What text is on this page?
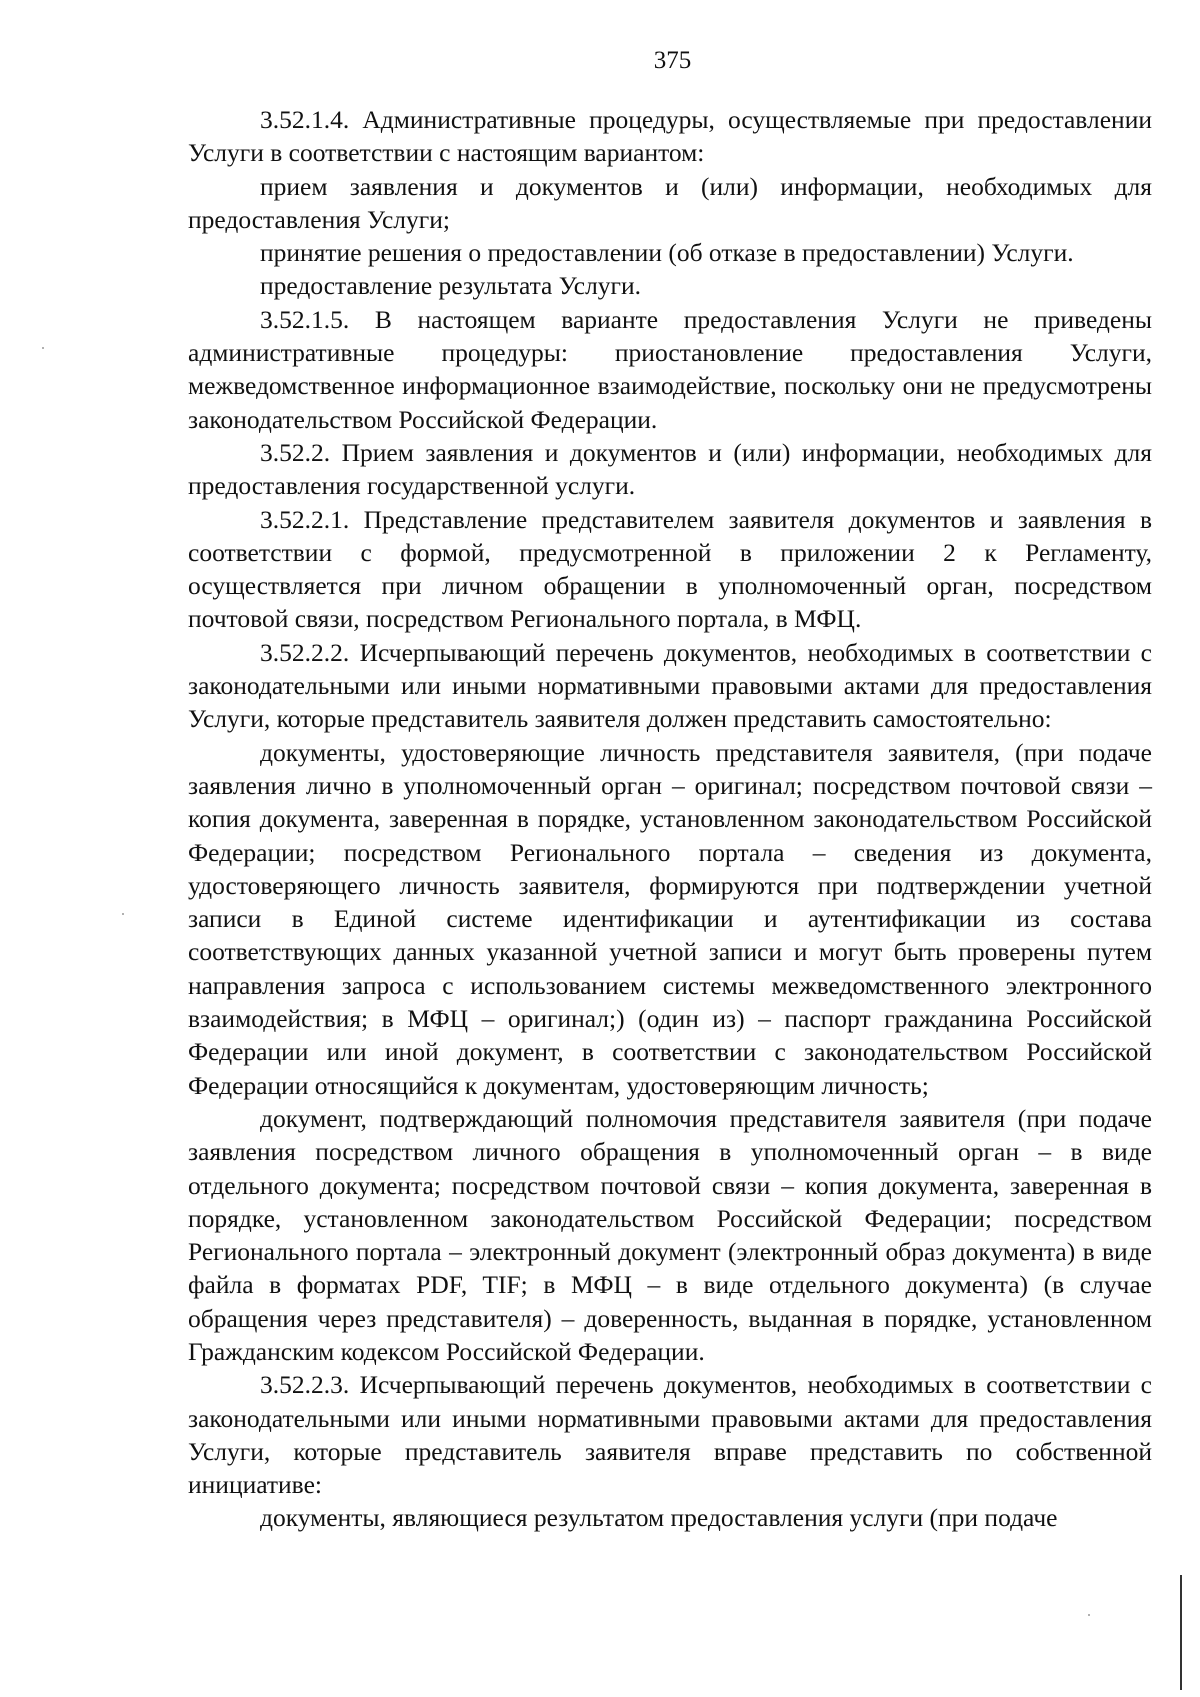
375

3.52.1.4. Административные процедуры, осуществляемые при предоставлении Услуги в соответствии с настоящим вариантом:

прием заявления и документов и (или) информации, необходимых для предоставления Услуги;

принятие решения о предоставлении (об отказе в предоставлении) Услуги.

предоставление результата Услуги.

3.52.1.5. В настоящем варианте предоставления Услуги не приведены административные процедуры: приостановление предоставления Услуги, межведомственное информационное взаимодействие, поскольку они не предусмотрены законодательством Российской Федерации.

3.52.2. Прием заявления и документов и (или) информации, необходимых для предоставления государственной услуги.

3.52.2.1. Представление представителем заявителя документов и заявления в соответствии с формой, предусмотренной в приложении 2 к Регламенту, осуществляется при личном обращении в уполномоченный орган, посредством почтовой связи, посредством Регионального портала, в МФЦ.

3.52.2.2. Исчерпывающий перечень документов, необходимых в соответствии с законодательными или иными нормативными правовыми актами для предоставления Услуги, которые представитель заявителя должен представить самостоятельно:

документы, удостоверяющие личность представителя заявителя, (при подаче заявления лично в уполномоченный орган – оригинал; посредством почтовой связи – копия документа, заверенная в порядке, установленном законодательством Российской Федерации; посредством Регионального портала – сведения из документа, удостоверяющего личность заявителя, формируются при подтверждении учетной записи в Единой системе идентификации и аутентификации из состава соответствующих данных указанной учетной записи и могут быть проверены путем направления запроса с использованием системы межведомственного электронного взаимодействия; в МФЦ – оригинал;) (один из) – паспорт гражданина Российской Федерации или иной документ, в соответствии с законодательством Российской Федерации относящийся к документам, удостоверяющим личность;

документ, подтверждающий полномочия представителя заявителя (при подаче заявления посредством личного обращения в уполномоченный орган – в виде отдельного документа; посредством почтовой связи – копия документа, заверенная в порядке, установленном законодательством Российской Федерации; посредством Регионального портала – электронный документ (электронный образ документа) в виде файла в форматах PDF, TIF; в МФЦ – в виде отдельного документа) (в случае обращения через представителя) – доверенность, выданная в порядке, установленном Гражданским кодексом Российской Федерации.

3.52.2.3. Исчерпывающий перечень документов, необходимых в соответствии с законодательными или иными нормативными правовыми актами для предоставления Услуги, которые представитель заявителя вправе представить по собственной инициативе:

документы, являющиеся результатом предоставления услуги (при подаче
